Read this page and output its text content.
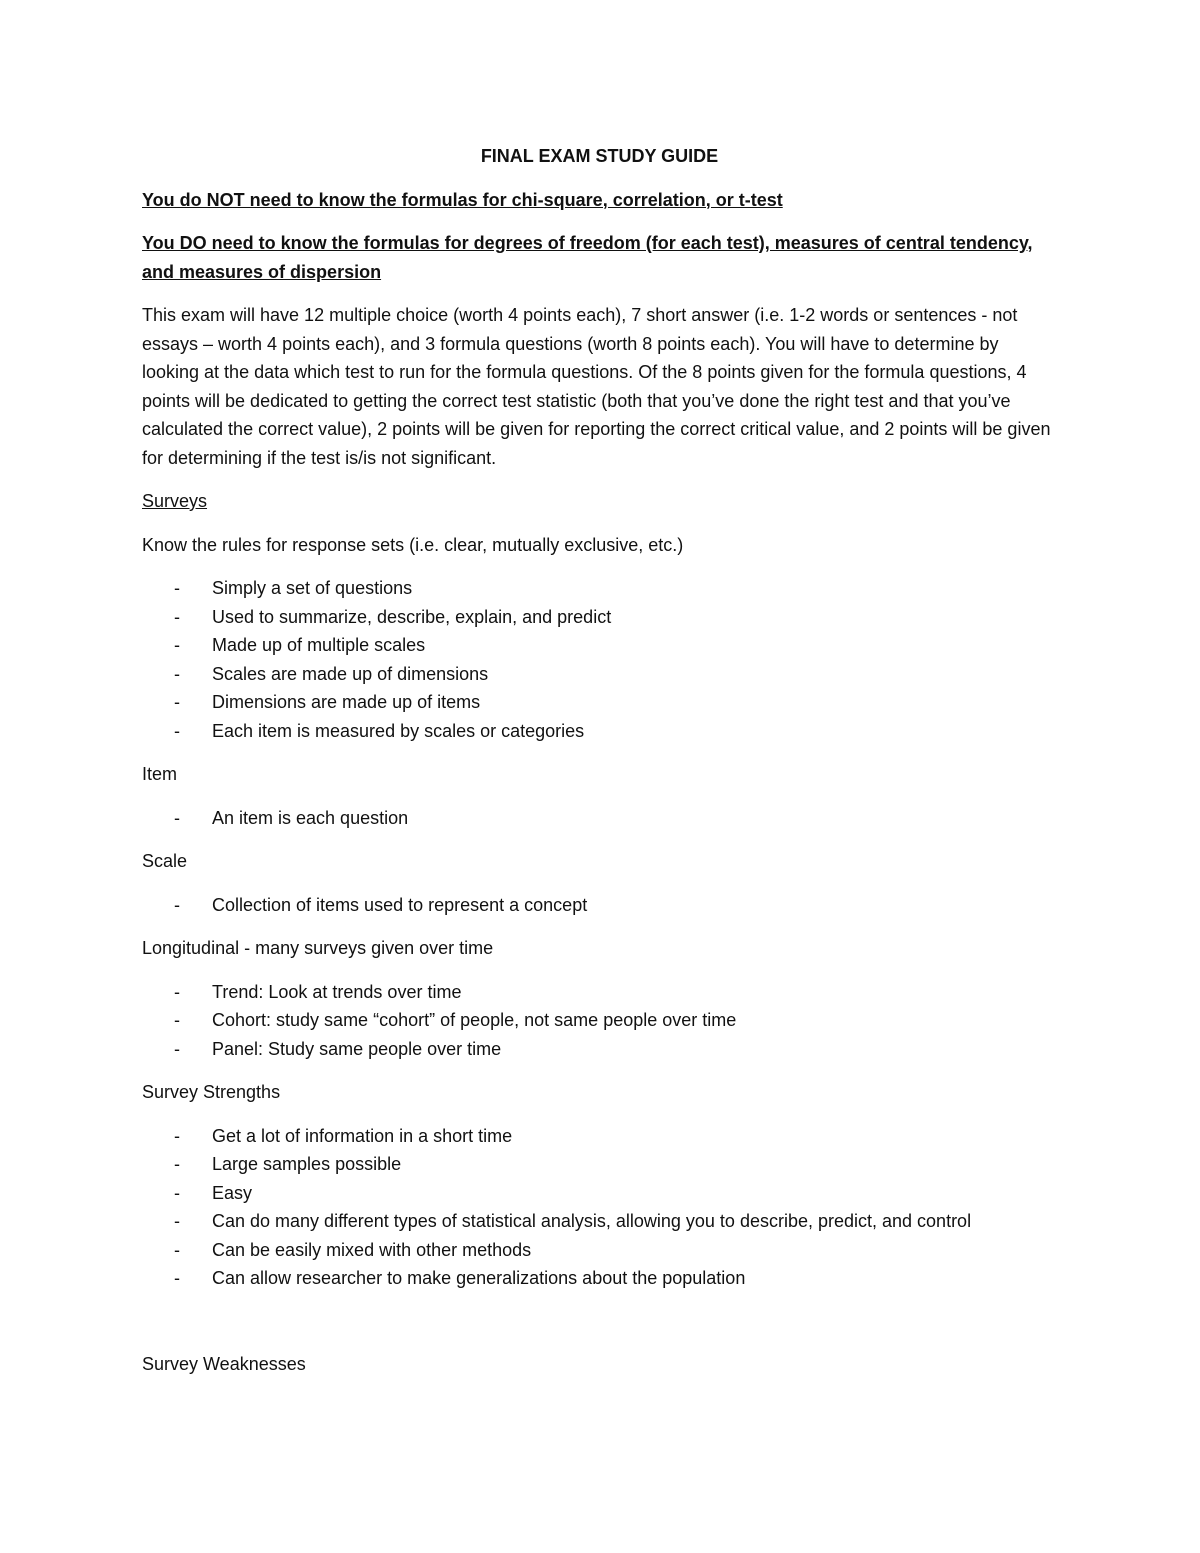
FINAL EXAM STUDY GUIDE
You do NOT need to know the formulas for chi-square, correlation, or t-test
You DO need to know the formulas for degrees of freedom (for each test), measures of central tendency, and measures of dispersion
This exam will have 12 multiple choice (worth 4 points each), 7 short answer (i.e. 1-2 words or sentences - not essays – worth 4 points each), and 3 formula questions (worth 8 points each). You will have to determine by looking at the data which test to run for the formula questions. Of the 8 points given for the formula questions, 4 points will be dedicated to getting the correct test statistic (both that you’ve done the right test and that you’ve calculated the correct value), 2 points will be given for reporting the correct critical value, and 2 points will be given for determining if the test is/is not significant.
Surveys
Know the rules for response sets (i.e. clear, mutually exclusive, etc.)
- Simply a set of questions
- Used to summarize, describe, explain, and predict
- Made up of multiple scales
- Scales are made up of dimensions
- Dimensions are made up of items
- Each item is measured by scales or categories
Item
- An item is each question
Scale
- Collection of items used to represent a concept
Longitudinal - many surveys given over time
- Trend: Look at trends over time
- Cohort: study same “cohort” of people, not same people over time
- Panel: Study same people over time
Survey Strengths
- Get a lot of information in a short time
- Large samples possible
- Easy
- Can do many different types of statistical analysis, allowing you to describe, predict, and control
- Can be easily mixed with other methods
- Can allow researcher to make generalizations about the population
Survey Weaknesses
